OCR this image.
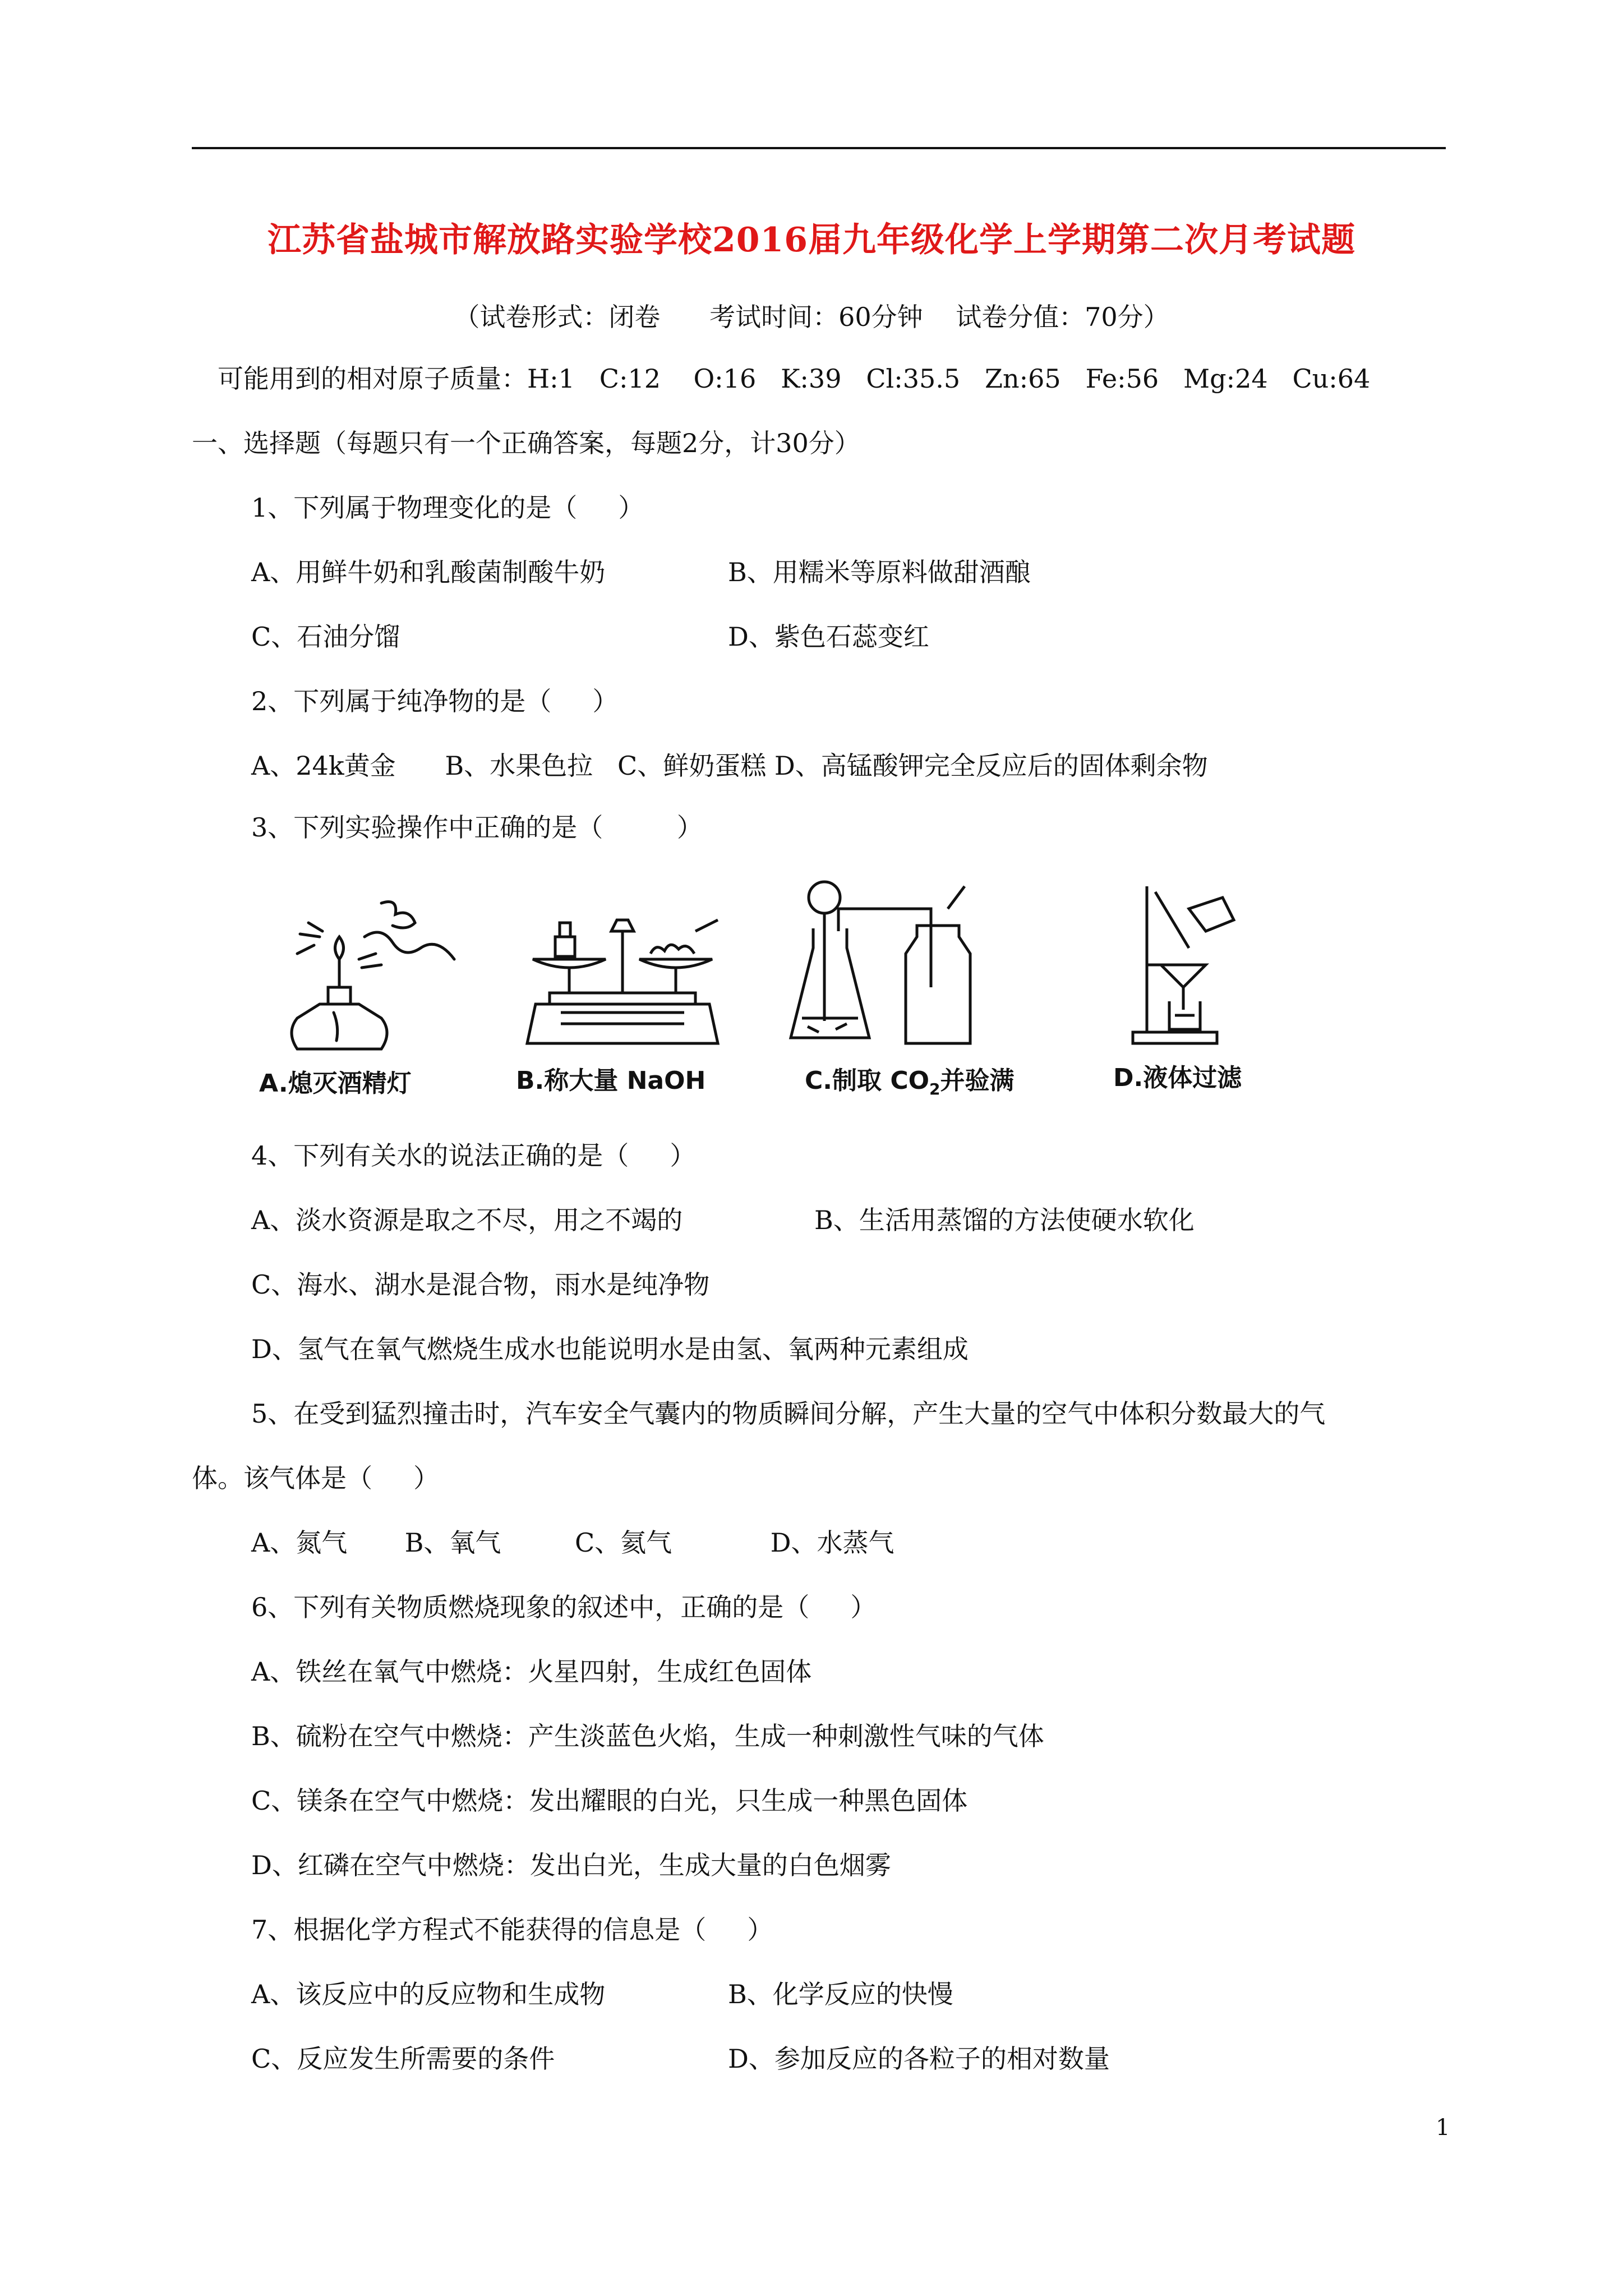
江苏省盐城市解放路实验学校2016届九年级化学上学期第二次月考试题
（试卷形式：闭卷      考试时间：60分钟    试卷分值：70分）
可能用到的相对原子质量：H:1   C:12    O:16   K:39   Cl:35.5   Zn:65   Fe:56   Mg:24   Cu:64
一、选择题（每题只有一个正确答案，每题2分，计30分）
1、下列属于物理变化的是（     ）
A、用鲜牛奶和乳酸菌制酸牛奶	B、用糯米等原料做甜酒酿
C、石油分馏	D、紫色石蕊变红
2、下列属于纯净物的是（     ）
A、24k黄金      B、水果色拉   C、鲜奶蛋糕 D、高锰酸钾完全反应后的固体剩余物
3、下列实验操作中正确的是（         ）
A.熄灭酒精灯	B.称大量 NaOH	C.制取 $CO_2$并验满	D.液体过滤
4、下列有关水的说法正确的是（     ）
A、淡水资源是取之不尽，用之不竭的	B、生活用蒸馏的方法使硬水软化
C、海水、湖水是混合物，雨水是纯净物
D、氢气在氧气燃烧生成水也能说明水是由氢、氧两种元素组成
5、在受到猛烈撞击时，汽车安全气囊内的物质瞬间分解，产生大量的空气中体积分数最大的气
体。该气体是（     ）
A、氮气       B、氧气         C、氦气            D、水蒸气
6、下列有关物质燃烧现象的叙述中，正确的是（     ）
A、铁丝在氧气中燃烧：火星四射，生成红色固体
B、硫粉在空气中燃烧：产生淡蓝色火焰，生成一种刺激性气味的气体
C、镁条在空气中燃烧：发出耀眼的白光，只生成一种黑色固体
D、红磷在空气中燃烧：发出白光，生成大量的白色烟雾
7、根据化学方程式不能获得的信息是（     ）
A、该反应中的反应物和生成物	B、化学反应的快慢
C、反应发生所需要的条件	D、参加反应的各粒子的相对数量
1
